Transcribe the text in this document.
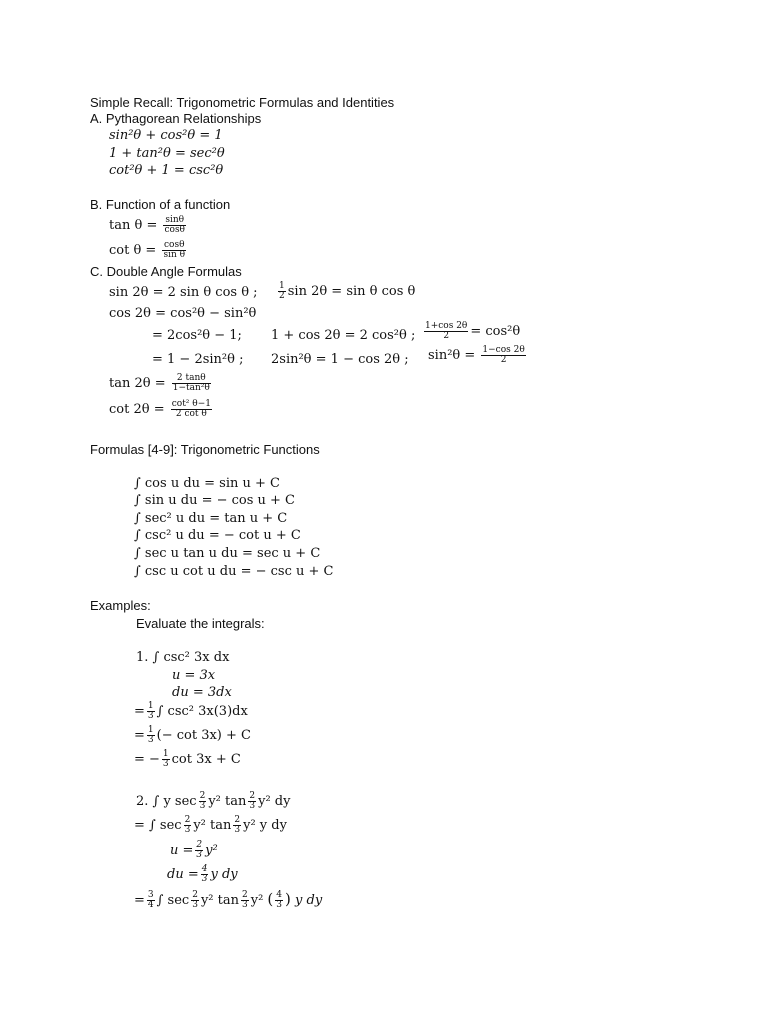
Simple Recall: Trigonometric Formulas and Identities
A. Pythagorean Relationships
sin²θ + cos²θ = 1
1 + tan²θ = sec²θ
cot²θ + 1 = csc²θ
B. Function of a function
$\tan \theta = \frac{\sin\theta}{\cos\theta}$
$\cot \theta = \frac{\cos\theta}{\text{sin θ}}$
C. Double Angle Formulas
sin 2θ = 2 sin θ cos θ ; $\frac{1}{2}$ sin 2θ = sin θ cos θ
cos 2θ = cos²θ − sin²θ
= 2cos²θ − 1; 1 + cos 2θ = 2 cos²θ ; $\frac{1+\cos 2\theta}{2} = \cos^2\theta$
= 1 − 2sin²θ ; 2sin²θ = 1 − cos 2θ ; $\sin^2\theta = \frac{1-\cos 2\theta}{2}$
$\tan 2\theta = \frac{2 \tan\theta}{\text{1−tan²θ}}$
$\cot 2\theta = \frac{\text{cot² θ−1}}{\text{2 cot θ}}$
Formulas [4-9]: Trigonometric Functions
∫ cos u du = sin u + C
∫ sin u du = − cos u + C
∫ sec² u du = tan u + C
∫ csc² u du = − cot u + C
∫ sec u tan u du = sec u + C
∫ csc u cot u du = − csc u + C
Examples:
Evaluate the integrals:
1. ∫ csc² 3x dx
u = 3x
du = 3dx
= $\frac{1}{3}$ ∫ csc² 3x(3)dx
= $\frac{1}{3}$ (− cot 3x) + C
= − $\frac{1}{3}$ cot 3x + C
2. ∫ y $\sec \frac{2}{3} y^2$ $\tan \frac{2}{3} y^2$ dy
= ∫ $\sec \frac{2}{3} y^2$ $\tan \frac{2}{3} y^2$ y dy
$u = \frac{2}{3} y^2$
du = $\frac{4}{3}$ y dy
= $\frac{3}{4}$ ∫ $\sec \frac{2}{3} y^2$ $\tan \frac{2}{3} y^2$ ( $\frac{4}{3}$ ) y dy
